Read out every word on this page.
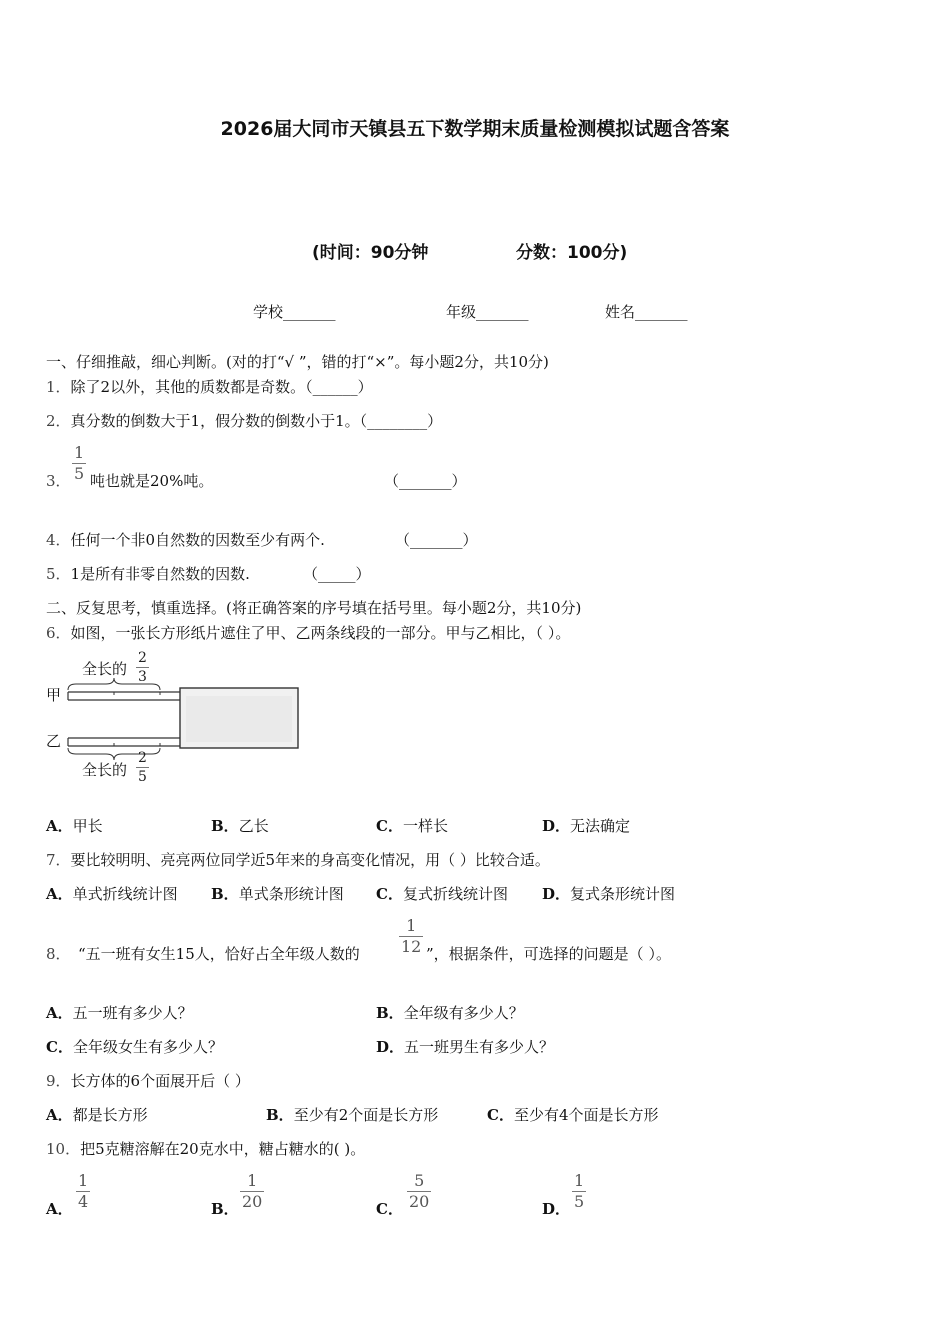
2026届大同市天镇县五下数学期末质量检测模拟试题含答案
(时间：90分钟	分数：100分)
学校_______	年级_______	姓名_______
一、仔细推敲，细心判断。(对的打“√ ”，错的打“×”。每小题2分，共10分)
1．除了2以外，其他的质数都是奇数。（______）
2．真分数的倒数大于1，假分数的倒数小于1。（________）
3．
1
5 吨也就是20%吨。	（_______）
4．任何一个非0自然数的因数至少有两个.	（_______）
5．1是所有非零自然数的因数.	（_____）
二、反复思考，慎重选择。(将正确答案的序号填在括号里。每小题2分，共10分)
6．如图，一张长方形纸片遮住了甲、乙两条线段的一部分。甲与乙相比，（ ）。
甲
乙
全长的
2
3
全长的
2
5
A．甲长	B．乙长	C．一样长	D．无法确定
7．要比较明明、亮亮两位同学近5年来的身高变化情况，用（ ）比较合适。
A．单式折线统计图 B．单式条形统计图 C．复式折线统计图 D．复式条形统计图
8． “五一班有女生15人，恰好占全年级人数的
1
12 ”，根据条件，可选择的问题是（ ）。
A．五一班有多少人？	B．全年级有多少人？
C．全年级女生有多少人？	D．五一班男生有多少人？
9．长方体的6个面展开后（ ）
A．都是长方形	B．至少有2个面是长方形	C．至少有4个面是长方形
10．把5克糖溶解在20克水中，糖占糖水的( )。
A．
1
4	B．
1
20	C．
5
20	D．
1
5
